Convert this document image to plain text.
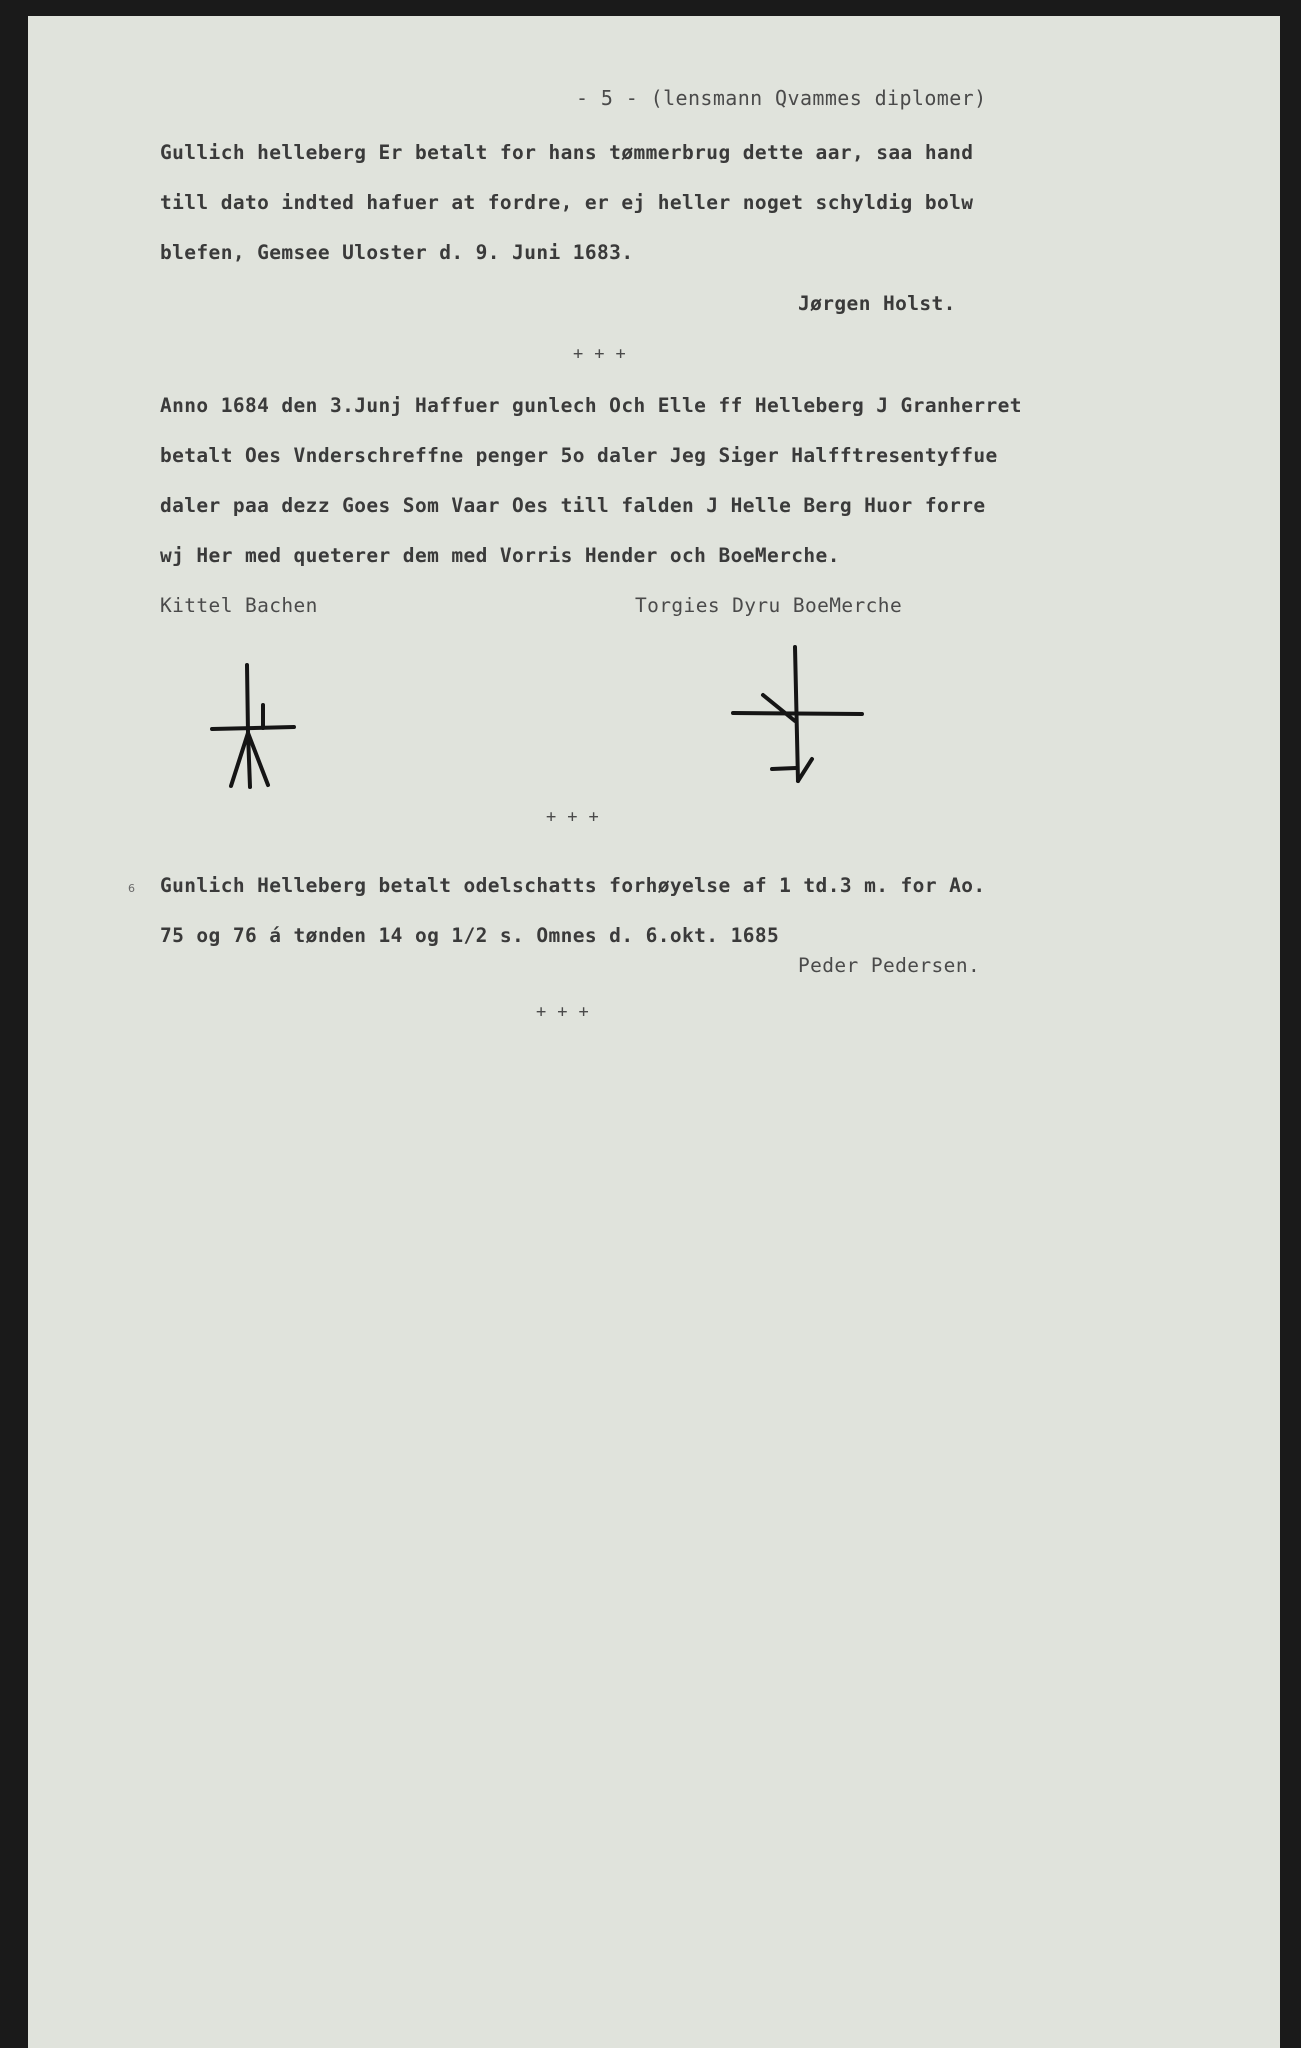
- 5 - (lensmann Qvammes diplomer)
Gullich helleberg Er betalt for hans tømmerbrug dette aar, saa hand
till dato indted hafuer at fordre, er ej heller noget schyldig bolw
blefen, Gemsee Uloster d. 9. Juni 1683.
Jørgen Holst.
+ + +
Anno 1684 den 3.Junj Haffuer gunlech Och Elle ff Helleberg J Granherret
betalt Oes Vnderschreffne penger 5o daler Jeg Siger Halfftresentyffue
daler paa dezz Goes Som Vaar Oes till falden J Helle Berg Huor forre
wj Her med queterer dem med Vorris Hender och BoeMerche.
Kittel Bachen	Torgies Dyru BoeMerche
+ + +
6 Gunlich Helleberg betalt odelschatts forhøyelse af 1 td.3 m. for Ao.
75 og 76 á tønden 14 og 1/2 s. Omnes d. 6.okt. 1685
Peder Pedersen.
+ + +
